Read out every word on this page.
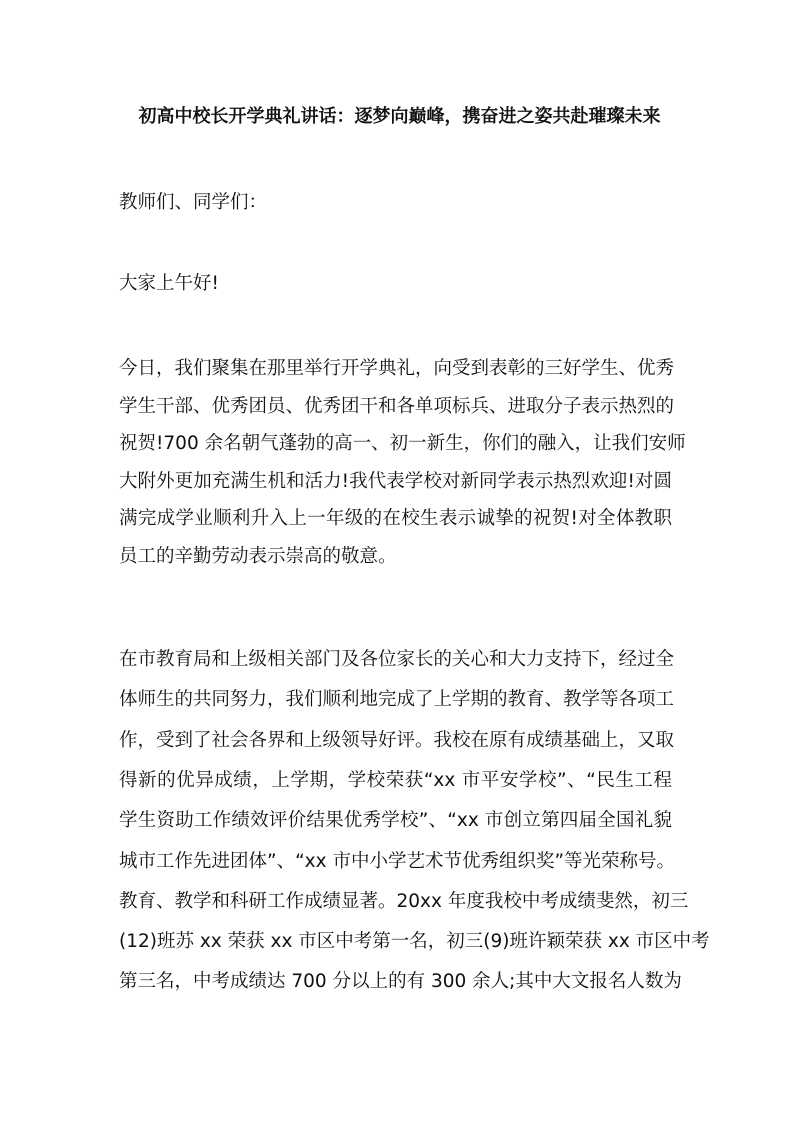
初高中校长开学典礼讲话：逐梦向巅峰，携奋进之姿共赴璀璨未来
教师们、同学们：
大家上午好!
今日，我们聚集在那里举行开学典礼，向受到表彰的三好学生、优秀
学生干部、优秀团员、优秀团干和各单项标兵、进取分子表示热烈的
祝贺!700 余名朝气蓬勃的高一、初一新生，你们的融入，让我们安师
大附外更加充满生机和活力!我代表学校对新同学表示热烈欢迎!对圆
满完成学业顺利升入上一年级的在校生表示诚挚的祝贺!对全体教职
员工的辛勤劳动表示崇高的敬意。
在市教育局和上级相关部门及各位家长的关心和大力支持下，经过全
体师生的共同努力，我们顺利地完成了上学期的教育、教学等各项工
作，受到了社会各界和上级领导好评。我校在原有成绩基础上，又取
得新的优异成绩，上学期，学校荣获“xx 市平安学校”、“民生工程
学生资助工作绩效评价结果优秀学校”、“xx 市创立第四届全国礼貌
城市工作先进团体”、“xx 市中小学艺术节优秀组织奖”等光荣称号。
教育、教学和科研工作成绩显著。20xx 年度我校中考成绩斐然，初三
(12)班苏 xx 荣获 xx 市区中考第一名，初三(9)班许颖荣获 xx 市区中考
第三名，中考成绩达 700 分以上的有 300 余人;其中大文报名人数为
